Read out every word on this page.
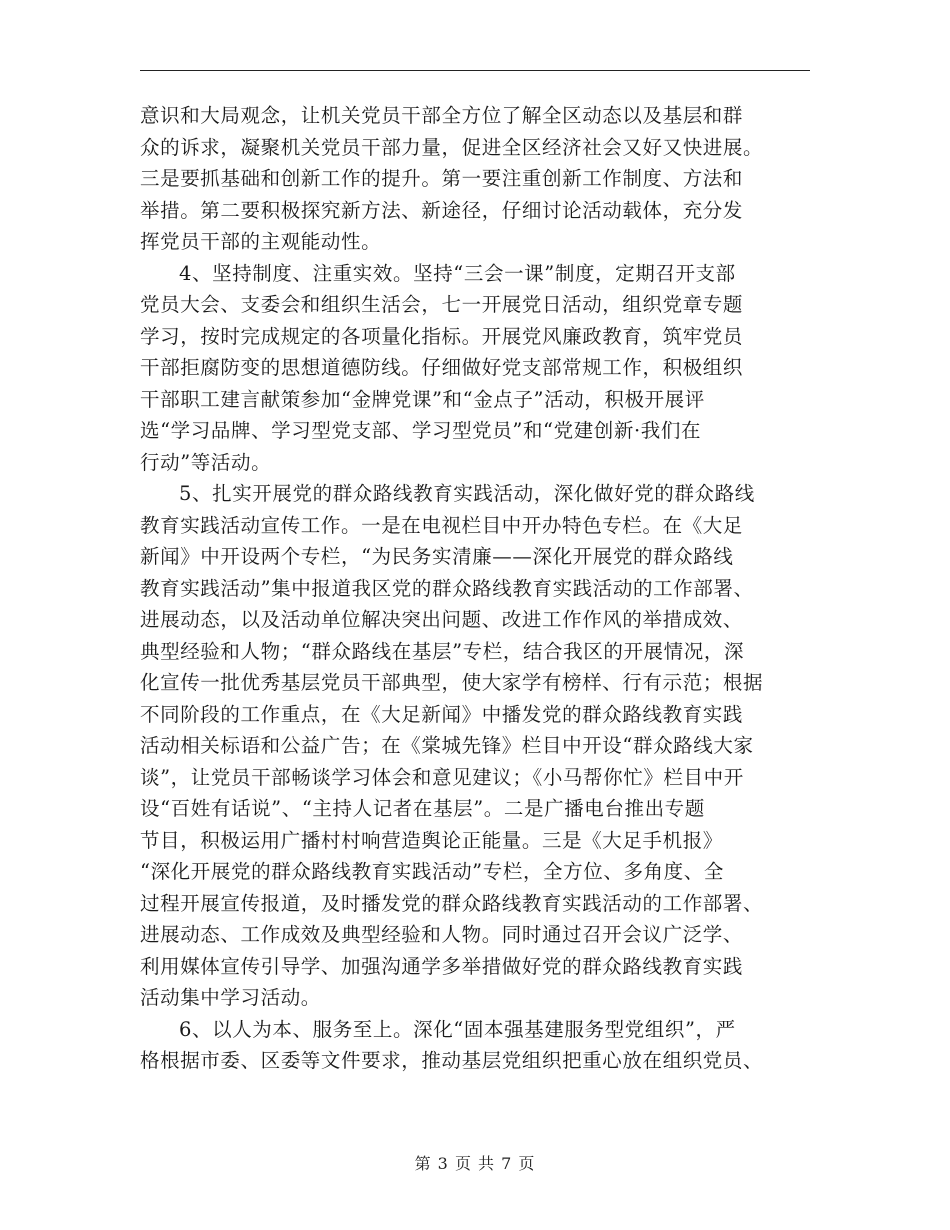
意识和大局观念，让机关党员干部全方位了解全区动态以及基层和群
众的诉求，凝聚机关党员干部力量，促进全区经济社会又好又快进展。
三是要抓基础和创新工作的提升。第一要注重创新工作制度、方法和
举措。第二要积极探究新方法、新途径，仔细讨论活动载体，充分发
挥党员干部的主观能动性。
4、坚持制度、注重实效。坚持“三会一课”制度，定期召开支部
党员大会、支委会和组织生活会，七一开展党日活动，组织党章专题
学习，按时完成规定的各项量化指标。开展党风廉政教育，筑牢党员
干部拒腐防变的思想道德防线。仔细做好党支部常规工作，积极组织
干部职工建言献策参加“金牌党课”和“金点子”活动，积极开展评
选“学习品牌、学习型党支部、学习型党员”和“党建创新·我们在
行动”等活动。
5、扎实开展党的群众路线教育实践活动，深化做好党的群众路线
教育实践活动宣传工作。一是在电视栏目中开办特色专栏。在《大足
新闻》中开设两个专栏，“为民务实清廉——深化开展党的群众路线
教育实践活动”集中报道我区党的群众路线教育实践活动的工作部署、
进展动态，以及活动单位解决突出问题、改进工作作风的举措成效、
典型经验和人物；“群众路线在基层”专栏，结合我区的开展情况，深
化宣传一批优秀基层党员干部典型，使大家学有榜样、行有示范；根据
不同阶段的工作重点，在《大足新闻》中播发党的群众路线教育实践
活动相关标语和公益广告；在《棠城先锋》栏目中开设“群众路线大家
谈”，让党员干部畅谈学习体会和意见建议；《小马帮你忙》栏目中开
设“百姓有话说”、“主持人记者在基层”。二是广播电台推出专题
节目，积极运用广播村村响营造舆论正能量。三是《大足手机报》
“深化开展党的群众路线教育实践活动”专栏，全方位、多角度、全
过程开展宣传报道，及时播发党的群众路线教育实践活动的工作部署、
进展动态、工作成效及典型经验和人物。同时通过召开会议广泛学、
利用媒体宣传引导学、加强沟通学多举措做好党的群众路线教育实践
活动集中学习活动。
6、以人为本、服务至上。深化“固本强基建服务型党组织”，严
格根据市委、区委等文件要求，推动基层党组织把重心放在组织党员、
第 3 页 共 7 页
